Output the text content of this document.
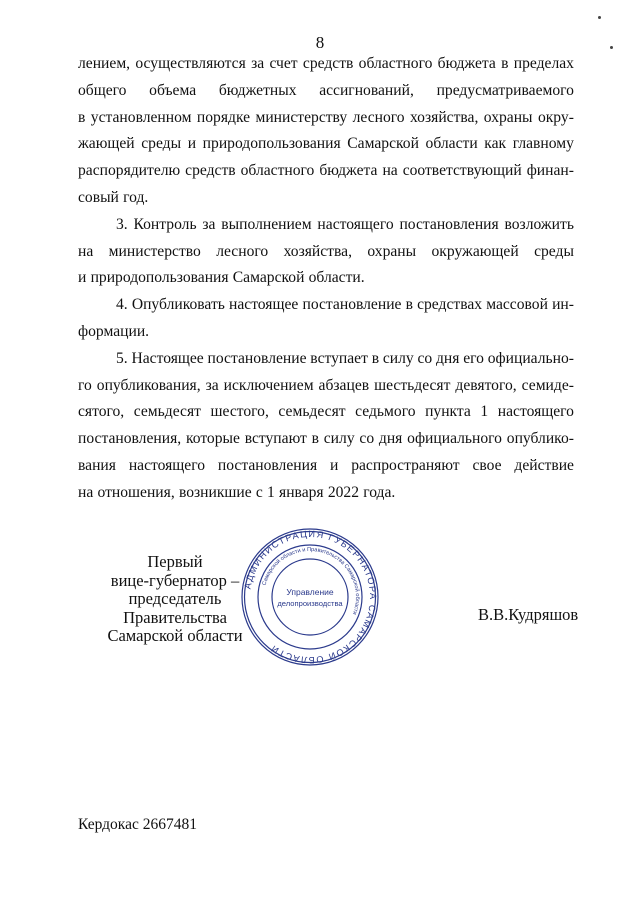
8
лением, осуществляются за счет средств областного бюджета в пределах
общего объема бюджетных ассигнований, предусматриваемого
в установленном порядке министерству лесного хозяйства, охраны окру-
жающей среды и природопользования Самарской области как главному
распорядителю средств областного бюджета на соответствующий финан-
совый год.
3. Контроль за выполнением настоящего постановления возложить
на министерство лесного хозяйства, охраны окружающей среды
и природопользования Самарской области.
4. Опубликовать настоящее постановление в средствах массовой ин-
формации.
5. Настоящее постановление вступает в силу со дня его официально-
го опубликования, за исключением абзацев шестьдесят девятого, семиде-
сятого, семьдесят шестого, семьдесят седьмого пункта 1 настоящего
постановления, которые вступают в силу со дня официального опублико-
вания настоящего постановления и распространяют свое действие
на отношения, возникшие с 1 января 2022 года.
Первый
вице-губернатор –
председатель Правительства
Самарской области
АДМИНИСТРАЦИЯ ГУБЕРНАТОРА САМАРСКОЙ ОБЛАСТИ
Самарской области и Правительства Самарской области
Управление
делопроизводства
В.В.Кудряшов
Кердокас 2667481
